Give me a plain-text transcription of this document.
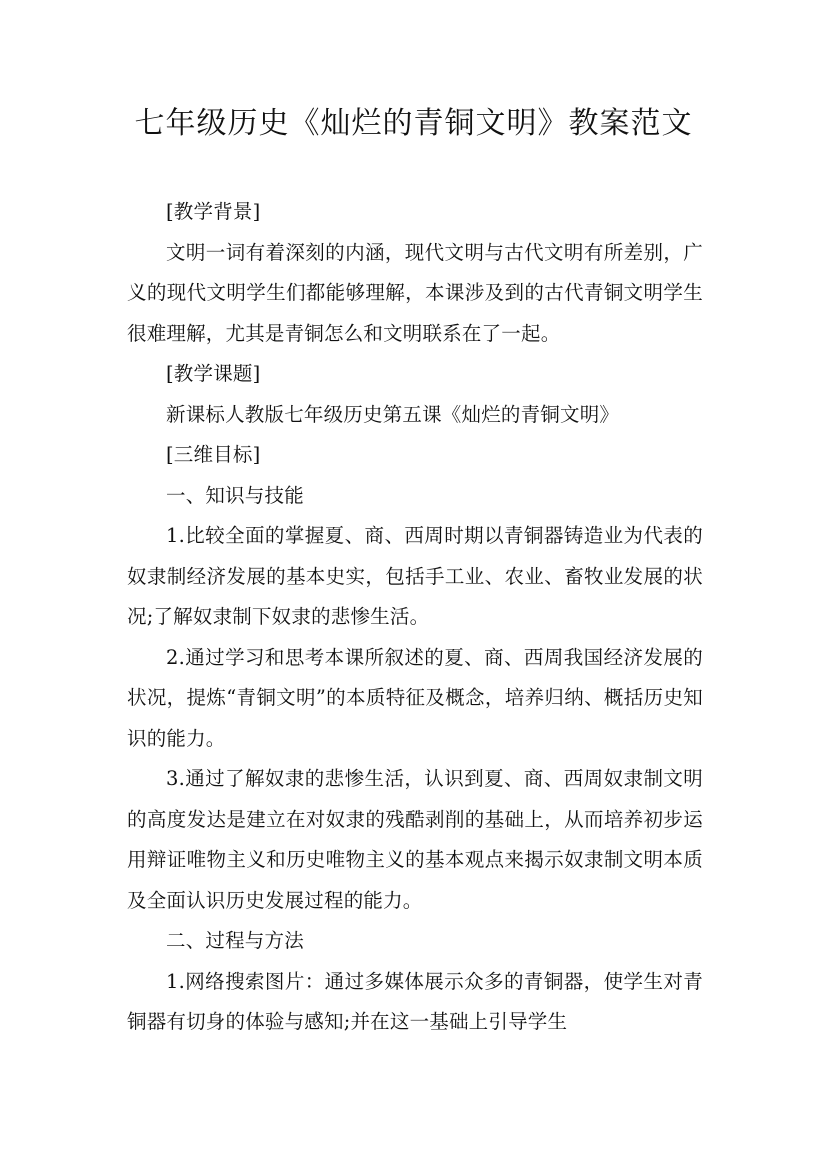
七年级历史《灿烂的青铜文明》教案范文

[教学背景]

文明一词有着深刻的内涵，现代文明与古代文明有所差别，广义的现代文明学生们都能够理解，本课涉及到的古代青铜文明学生很难理解，尤其是青铜怎么和文明联系在了一起。

[教学课题]

新课标人教版七年级历史第五课《灿烂的青铜文明》

[三维目标]

一、知识与技能

1.比较全面的掌握夏、商、西周时期以青铜器铸造业为代表的奴隶制经济发展的基本史实，包括手工业、农业、畜牧业发展的状况;了解奴隶制下奴隶的悲惨生活。

2.通过学习和思考本课所叙述的夏、商、西周我国经济发展的状况，提炼“青铜文明”的本质特征及概念，培养归纳、概括历史知识的能力。

3.通过了解奴隶的悲惨生活，认识到夏、商、西周奴隶制文明的高度发达是建立在对奴隶的残酷剥削的基础上，从而培养初步运用辩证唯物主义和历史唯物主义的基本观点来揭示奴隶制文明本质及全面认识历史发展过程的能力。

二、过程与方法

1.网络搜索图片：通过多媒体展示众多的青铜器，使学生对青铜器有切身的体验与感知;并在这一基础上引导学生
